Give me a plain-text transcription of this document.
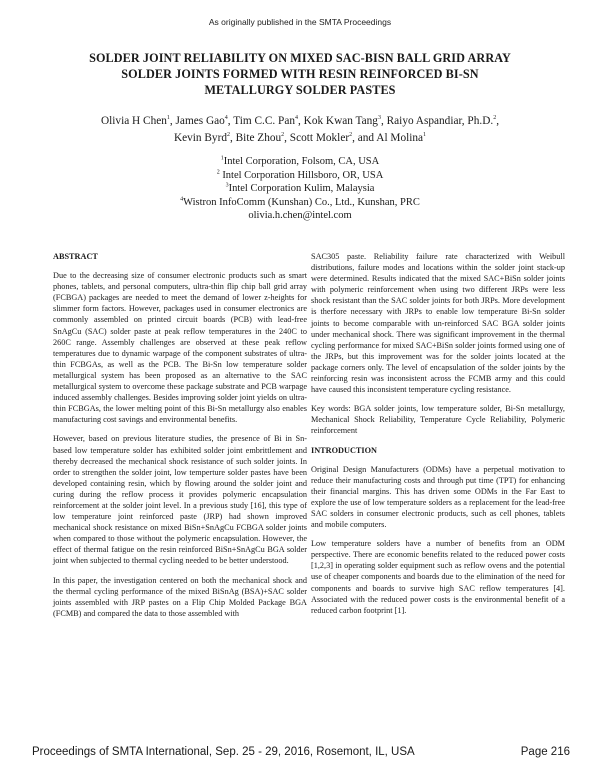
As originally published in the SMTA Proceedings
SOLDER JOINT RELIABILITY ON MIXED SAC-BISN BALL GRID ARRAY
SOLDER JOINTS FORMED WITH RESIN REINFORCED BI-SN
METALLURGY SOLDER PASTES
Olivia H Chen$^1$, James Gao$^4$, Tim C.C. Pan$^4$, Kok Kwan Tang$^3$, Raiyo Aspandiar, Ph.D.$^2$,
Kevin Byrd$^2$, Bite Zhou$^2$, Scott Mokler$^2$, and Al Molina$^1$
$^1$Intel Corporation, Folsom, CA, USA
$^2$ Intel Corporation Hillsboro, OR, USA
$^3$Intel Corporation Kulim, Malaysia
$^4$Wistron InfoComm (Kunshan) Co., Ltd., Kunshan, PRC
olivia.h.chen@intel.com

ABSTRACT

Due to the decreasing size of consumer electronic products such as smart phones, tablets, and personal computers, ultra-thin flip chip ball grid array (FCBGA) packages are needed to meet the demand of lower z-heights for slimmer form factors. However, packages used in consumer electronics are commonly assembled on printed circuit boards (PCB) with lead-free SnAgCu (SAC) solder paste at peak reflow temperatures in the 240C to 260C range. Assembly challenges are observed at these peak reflow temperatures due to dynamic warpage of the component substrates of ultra-thin FCBGAs, as well as the PCB. The Bi-Sn low temperature solder metallurgical system has been proposed as an alternative to the SAC metallurgical system to overcome these package substrate and PCB warpage induced assembly challenges. Besides improving solder joint yields on ultra-thin FCBGAs, the lower melting point of this Bi-Sn metallurgy also enables manufacturing cost savings and environmental benefits.

However, based on previous literature studies, the presence of Bi in Sn-based low temperature solder has exhibited solder joint embrittlement and thereby decreased the mechanical shock resistance of such solder joints. In order to strengthen the solder joint, low temperture solder pastes have been developed containing resin, which by flowing around the solder joint and curing during the reflow process it provides polymeric encapsulation reinforcement at the solder joint level. In a previous study [16], this type of low temperature joint reinforced paste (JRP) had shown improved mechanical shock resistance on mixed BiSn+SnAgCu FCBGA solder joints when compared to those without the polymeric encapsulation. However, the effect of thermal fatigue on the resin reinforced BiSn+SnAgCu BGA solder joint when subjected to thermal cycling needed to be better understood.

In this paper, the investigation centered on both the mechanical shock and the thermal cycling performance of the mixed BiSnAg (BSA)+SAC solder joints assembled with JRP pastes on a Flip Chip Molded Package BGA (FCMB) and compared the data to those assembled with

SAC305 paste. Reliability failure rate characterized with Weibull distributions, failure modes and locations within the solder joint stack-up were determined. Results indicated that the mixed SAC+BiSn solder joints with polymeric reinforcement when using two different JRPs were less shock resistant than the SAC solder joints for both JRPs. More development is therfore necessary with JRPs to enable low temperature Bi-Sn solder joints to become comparable with un-reinforced SAC BGA solder joints under mechanical shock. There was significant improvement in the thermal cycling performance for mixed SAC+BiSn solder joints formed using one of the JRPs, but this improvement was for the solder joints located at the package corners only. The level of encapsulation of the solder joints by the reinforcing resin was inconsistent across the FCMB army and this could have caused this inconsistent temperature cycling resistance.

Key words: BGA solder joints, low temperature solder, Bi-Sn metallurgy, Mechanical Shock Reliability, Temperature Cycle Reliability, Polymeric reinforcement

INTRODUCTION

Original Design Manufacturers (ODMs) have a perpetual motivation to reduce their manufacturing costs and through put time (TPT) for enhancing their financial margins. This has driven some ODMs in the Far East to explore the use of low temperature solders as a replacement for the lead-free SAC solders in consumer electronic products, such as cell phones, tablets and mobile computers.

Low temperature solders have a number of benefits from an ODM perspective. There are economic benefits related to the reduced power costs [1,2,3] in operating solder equipment such as reflow ovens and the potential use of cheaper components and boards due to the elimination of the need for components and boards to survive high SAC reflow temperatures [4]. Associated with the reduced power costs is the environmental benefit of a reduced carbon footprint [1].

Proceedings of SMTA International, Sep. 25 - 29, 2016, Rosemont, IL, USA	Page 216
